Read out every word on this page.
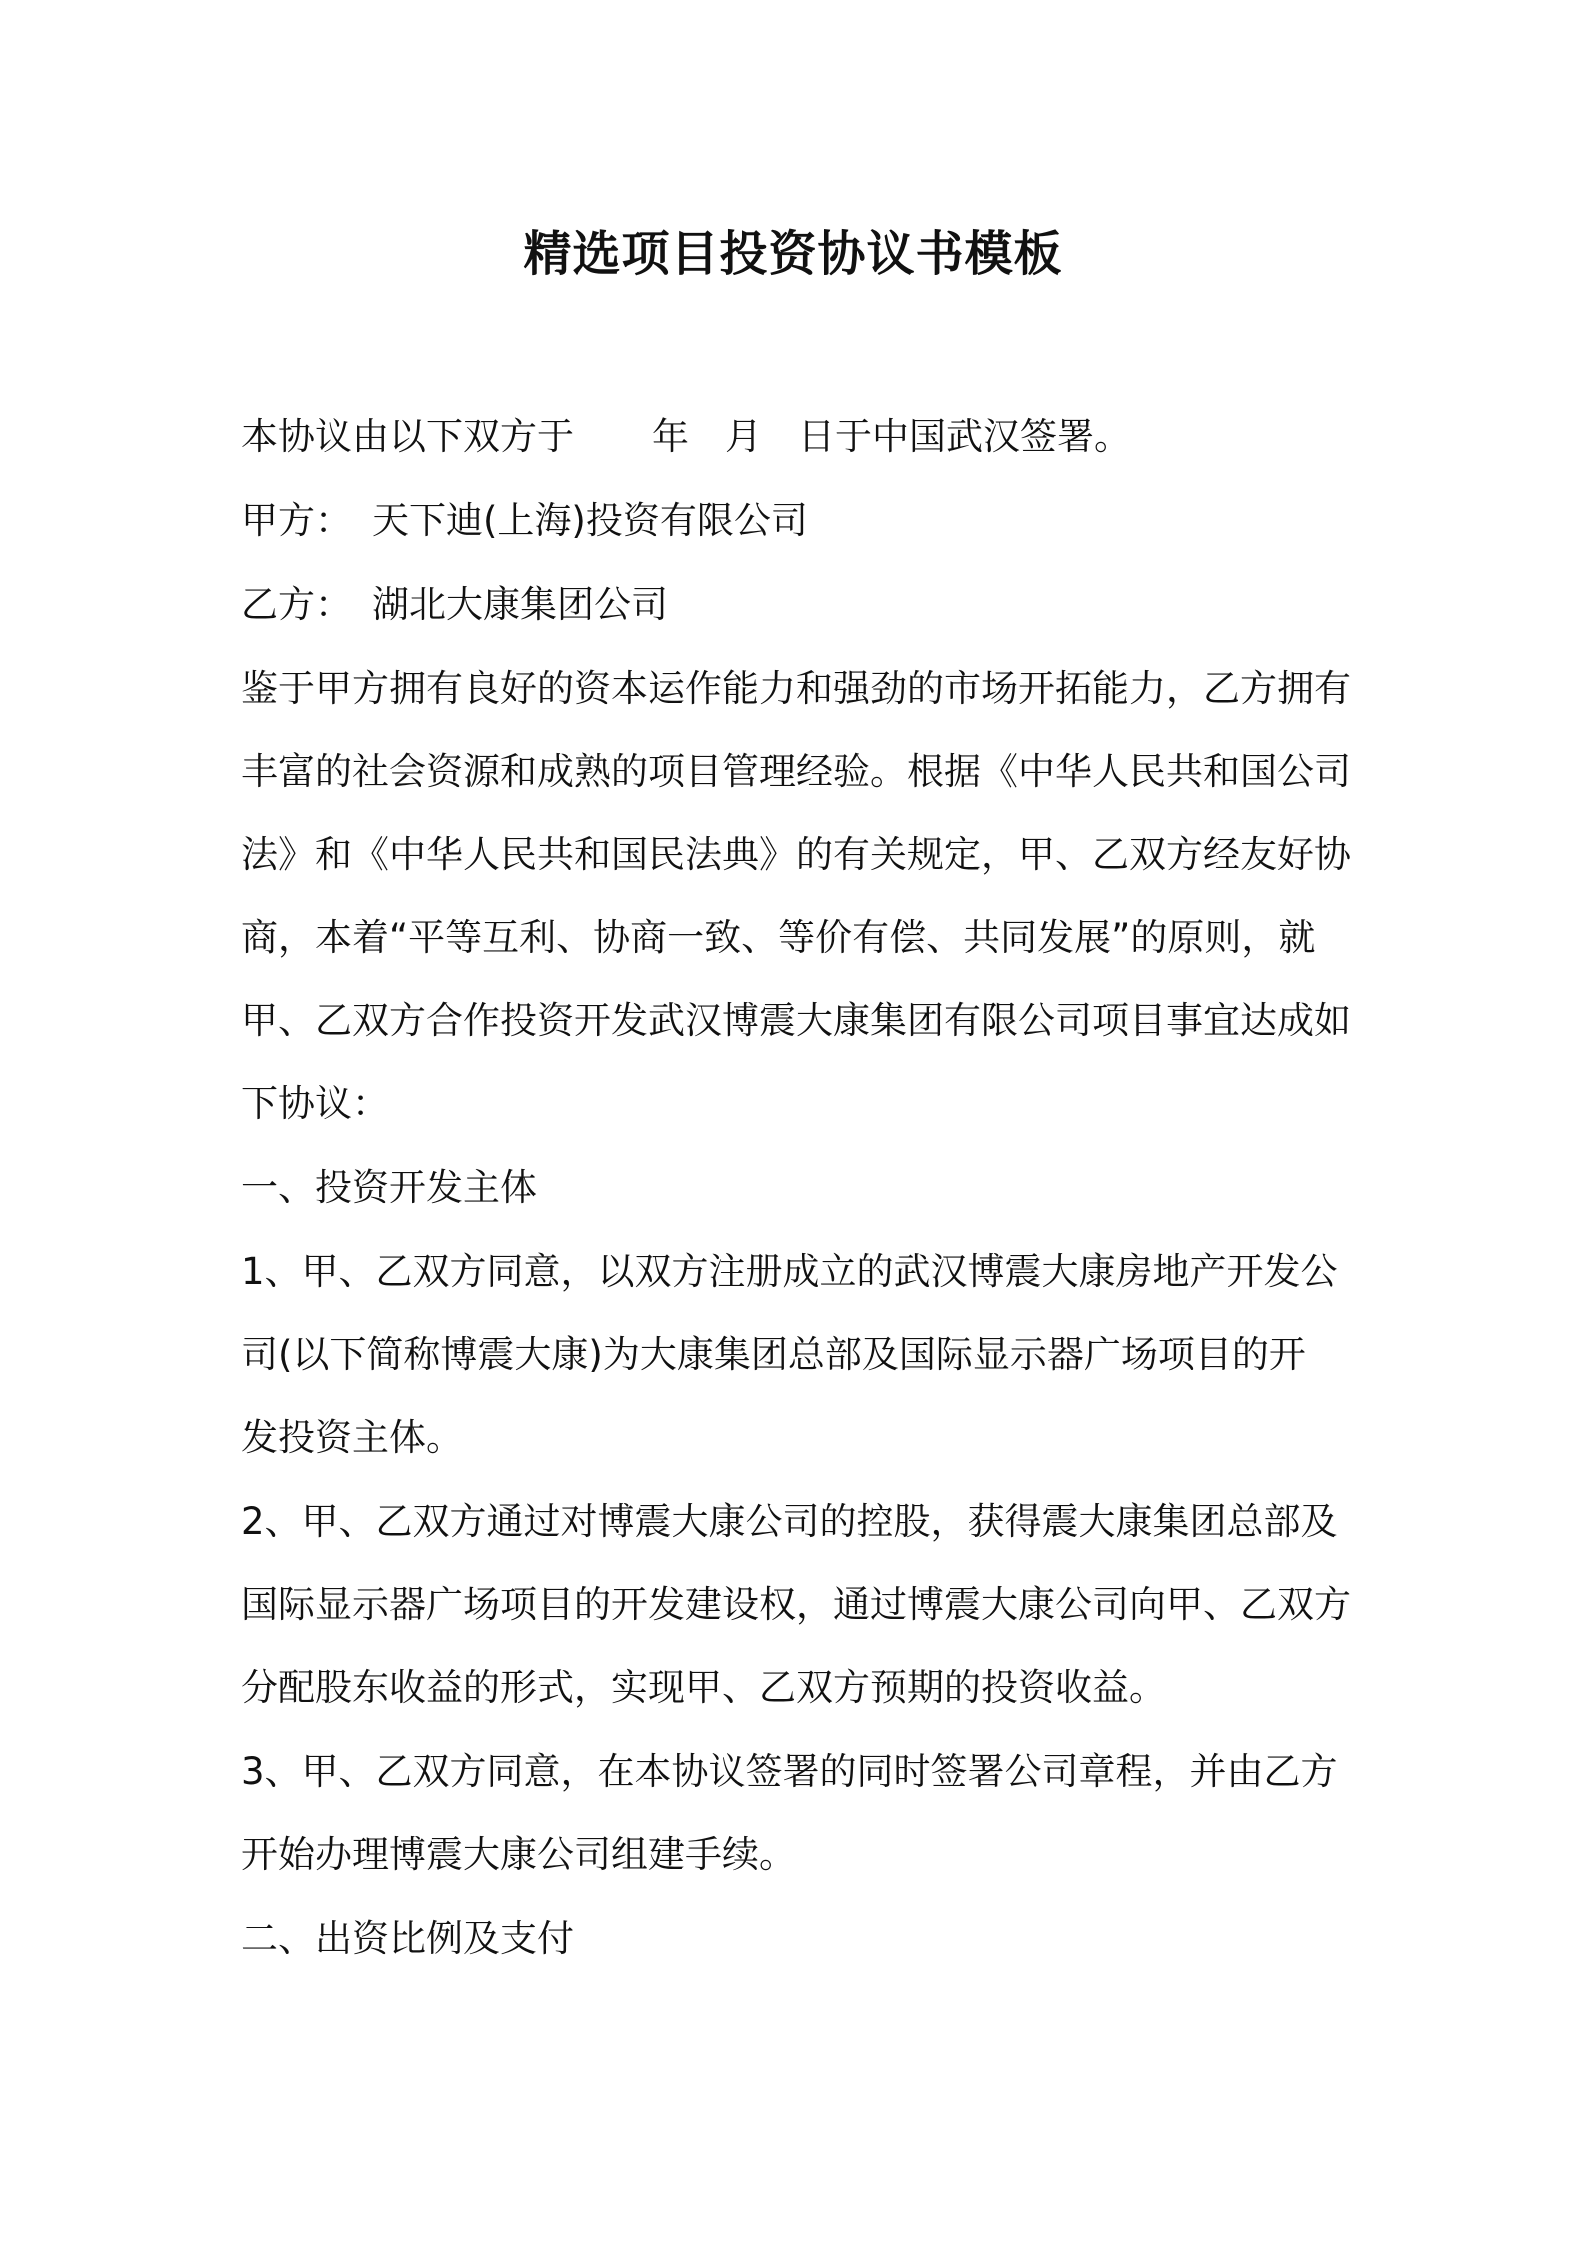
精选项目投资协议书模板
本协议由以下双方于 年 月 日于中国武汉签署。
甲方： 天下迪(上海)投资有限公司
乙方： 湖北大康集团公司
鉴于甲方拥有良好的资本运作能力和强劲的市场开拓能力，乙方拥有
丰富的社会资源和成熟的项目管理经验。根据《中华人民共和国公司
法》和《中华人民共和国民法典》的有关规定，甲、乙双方经友好协
商，本着“平等互利、协商一致、等价有偿、共同发展”的原则，就
甲、乙双方合作投资开发武汉博震大康集团有限公司项目事宜达成如
下协议：
一、投资开发主体
1、甲、乙双方同意，以双方注册成立的武汉博震大康房地产开发公
司(以下简称博震大康)为大康集团总部及国际显示器广场项目的开
发投资主体。
2、甲、乙双方通过对博震大康公司的控股，获得震大康集团总部及
国际显示器广场项目的开发建设权，通过博震大康公司向甲、乙双方
分配股东收益的形式，实现甲、乙双方预期的投资收益。
3、甲、乙双方同意，在本协议签署的同时签署公司章程，并由乙方
开始办理博震大康公司组建手续。
二、出资比例及支付
